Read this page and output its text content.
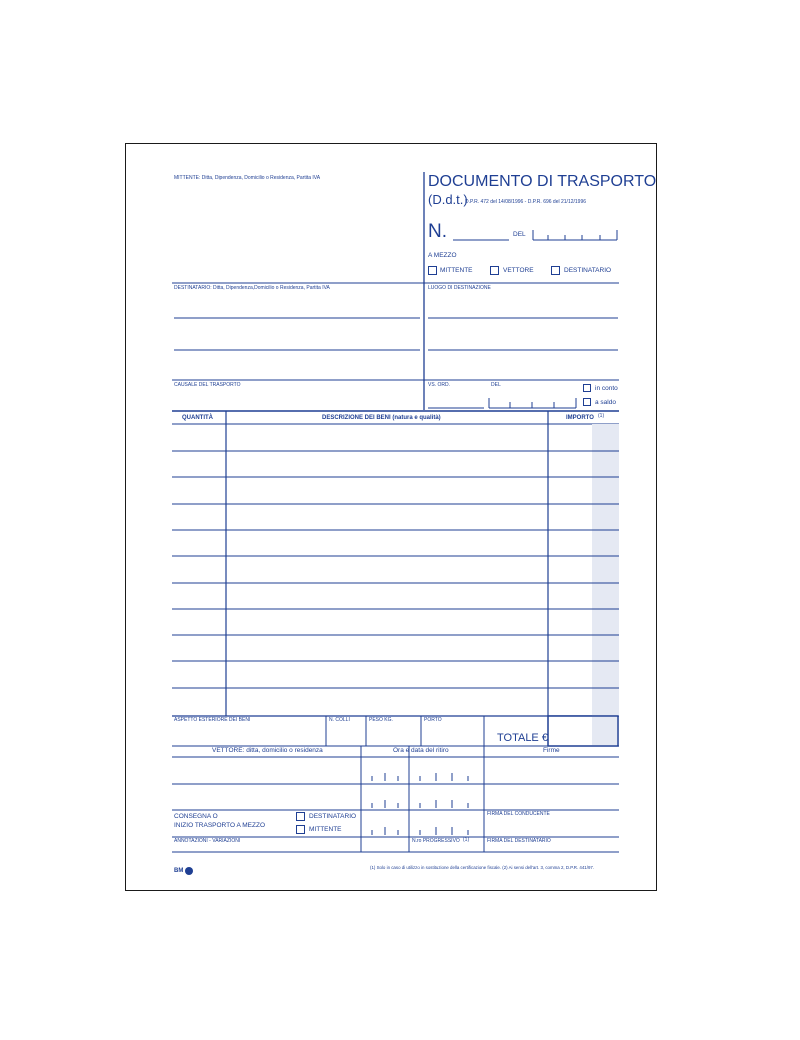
MITTENTE: Ditta, Dipendenza, Domicilio o Residenza, Partita IVA	DOCUMENTO DI TRASPORTO
(D.d.t.)
D.P.R. 472 del 14/08/1996 - D.P.R. 696 del 21/12/1996
N.	DEL
A MEZZO
MITTENTE	VETTORE	DESTINATARIO
DESTINATARIO: Ditta, Dipendenza,Domicilio o Residenza, Partita IVA	LUOGO DI DESTINAZIONE
CAUSALE DEL TRASPORTO	VS. ORD.	DEL	in conto
a saldo
QUANTITÀ	DESCRIZIONE DEI BENI (natura e qualità)	IMPORTO (1)
ASPETTO ESTERIORE DEI BENI	N. COLLI	PESO KG.	PORTO
TOTALE €
VETTORE: ditta, domicilio o residenza	Ora e data del ritiro	Firme
FIRMA DEL CONDUCENTE
CONSEGNA O
INIZIO TRASPORTO A MEZZO
DESTINATARIO
MITTENTE
ANNOTAZIONI - VARIAZIONI	N.ro PROGRESSIVO (1)	FIRMA DEL DESTINATARIO
(1) Solo in caso di utilizzo in sostituzione della certificazione fiscale. (2) Ai sensi dell'art. 3, comma 2, D.P.R. 441/97.
BM
